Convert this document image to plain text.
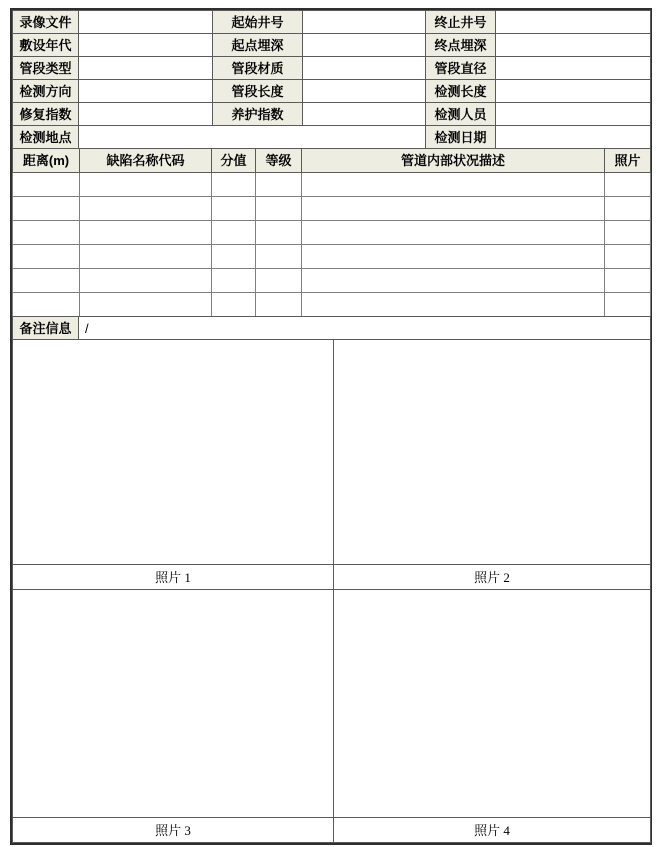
录像文件		起始井号		终止井号	
敷设年代		起点埋深		终点埋深	
管段类型		管段材质		管段直径	
检测方向		管段长度		检测长度	
修复指数		养护指数		检测人员	
检测地点				检测日期	
距离(m)	缺陷名称代码	分值	等级	管道内部状况描述	照片

备注信息	/

照片 1	照片 2

照片 3	照片 4
